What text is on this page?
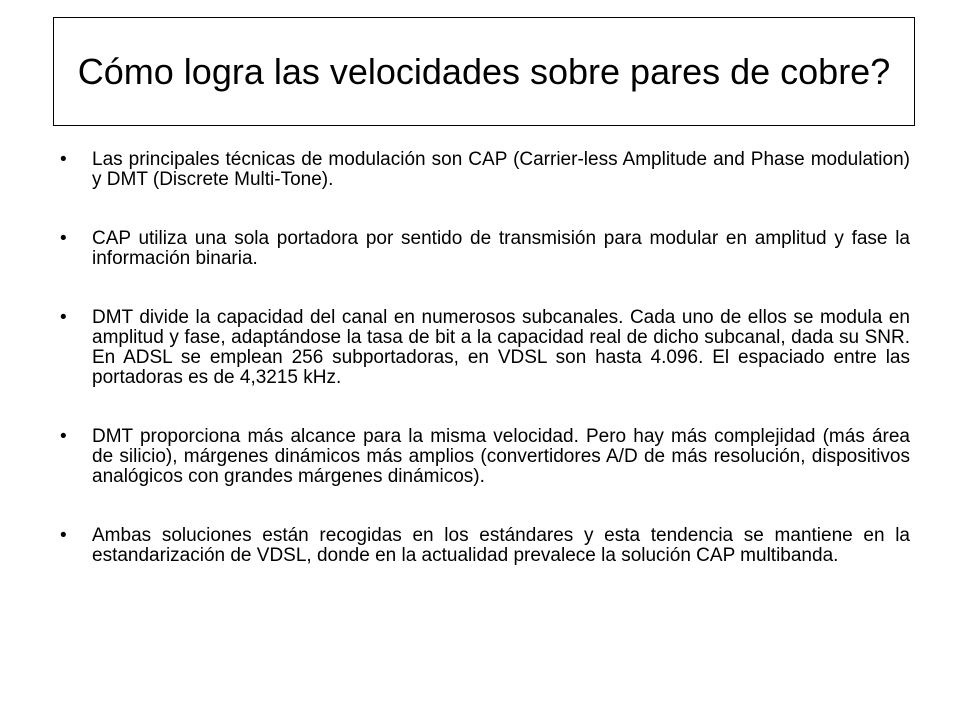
Cómo logra las velocidades sobre pares de cobre?
•	Las principales técnicas de modulación son CAP (Carrier-less Amplitude and Phase modulation) y DMT (Discrete Multi-Tone).
•	CAP utiliza una sola portadora por sentido de transmisión para modular en amplitud y fase la información binaria.
•	DMT divide la capacidad del canal en numerosos subcanales. Cada uno de ellos se modula en amplitud y fase, adaptándose la tasa de bit a la capacidad real de dicho subcanal, dada su SNR. En ADSL se emplean 256 subportadoras, en VDSL son hasta 4.096. El espaciado entre las portadoras es de 4,3215 kHz.
•	DMT proporciona más alcance para la misma velocidad. Pero hay más complejidad (más área de silicio), márgenes dinámicos más amplios (convertidores A/D de más resolución, dispositivos analógicos con grandes márgenes dinámicos).
•	Ambas soluciones están recogidas en los estándares y esta tendencia se mantiene en la estandarización de VDSL, donde en la actualidad prevalece la solución CAP multibanda.
